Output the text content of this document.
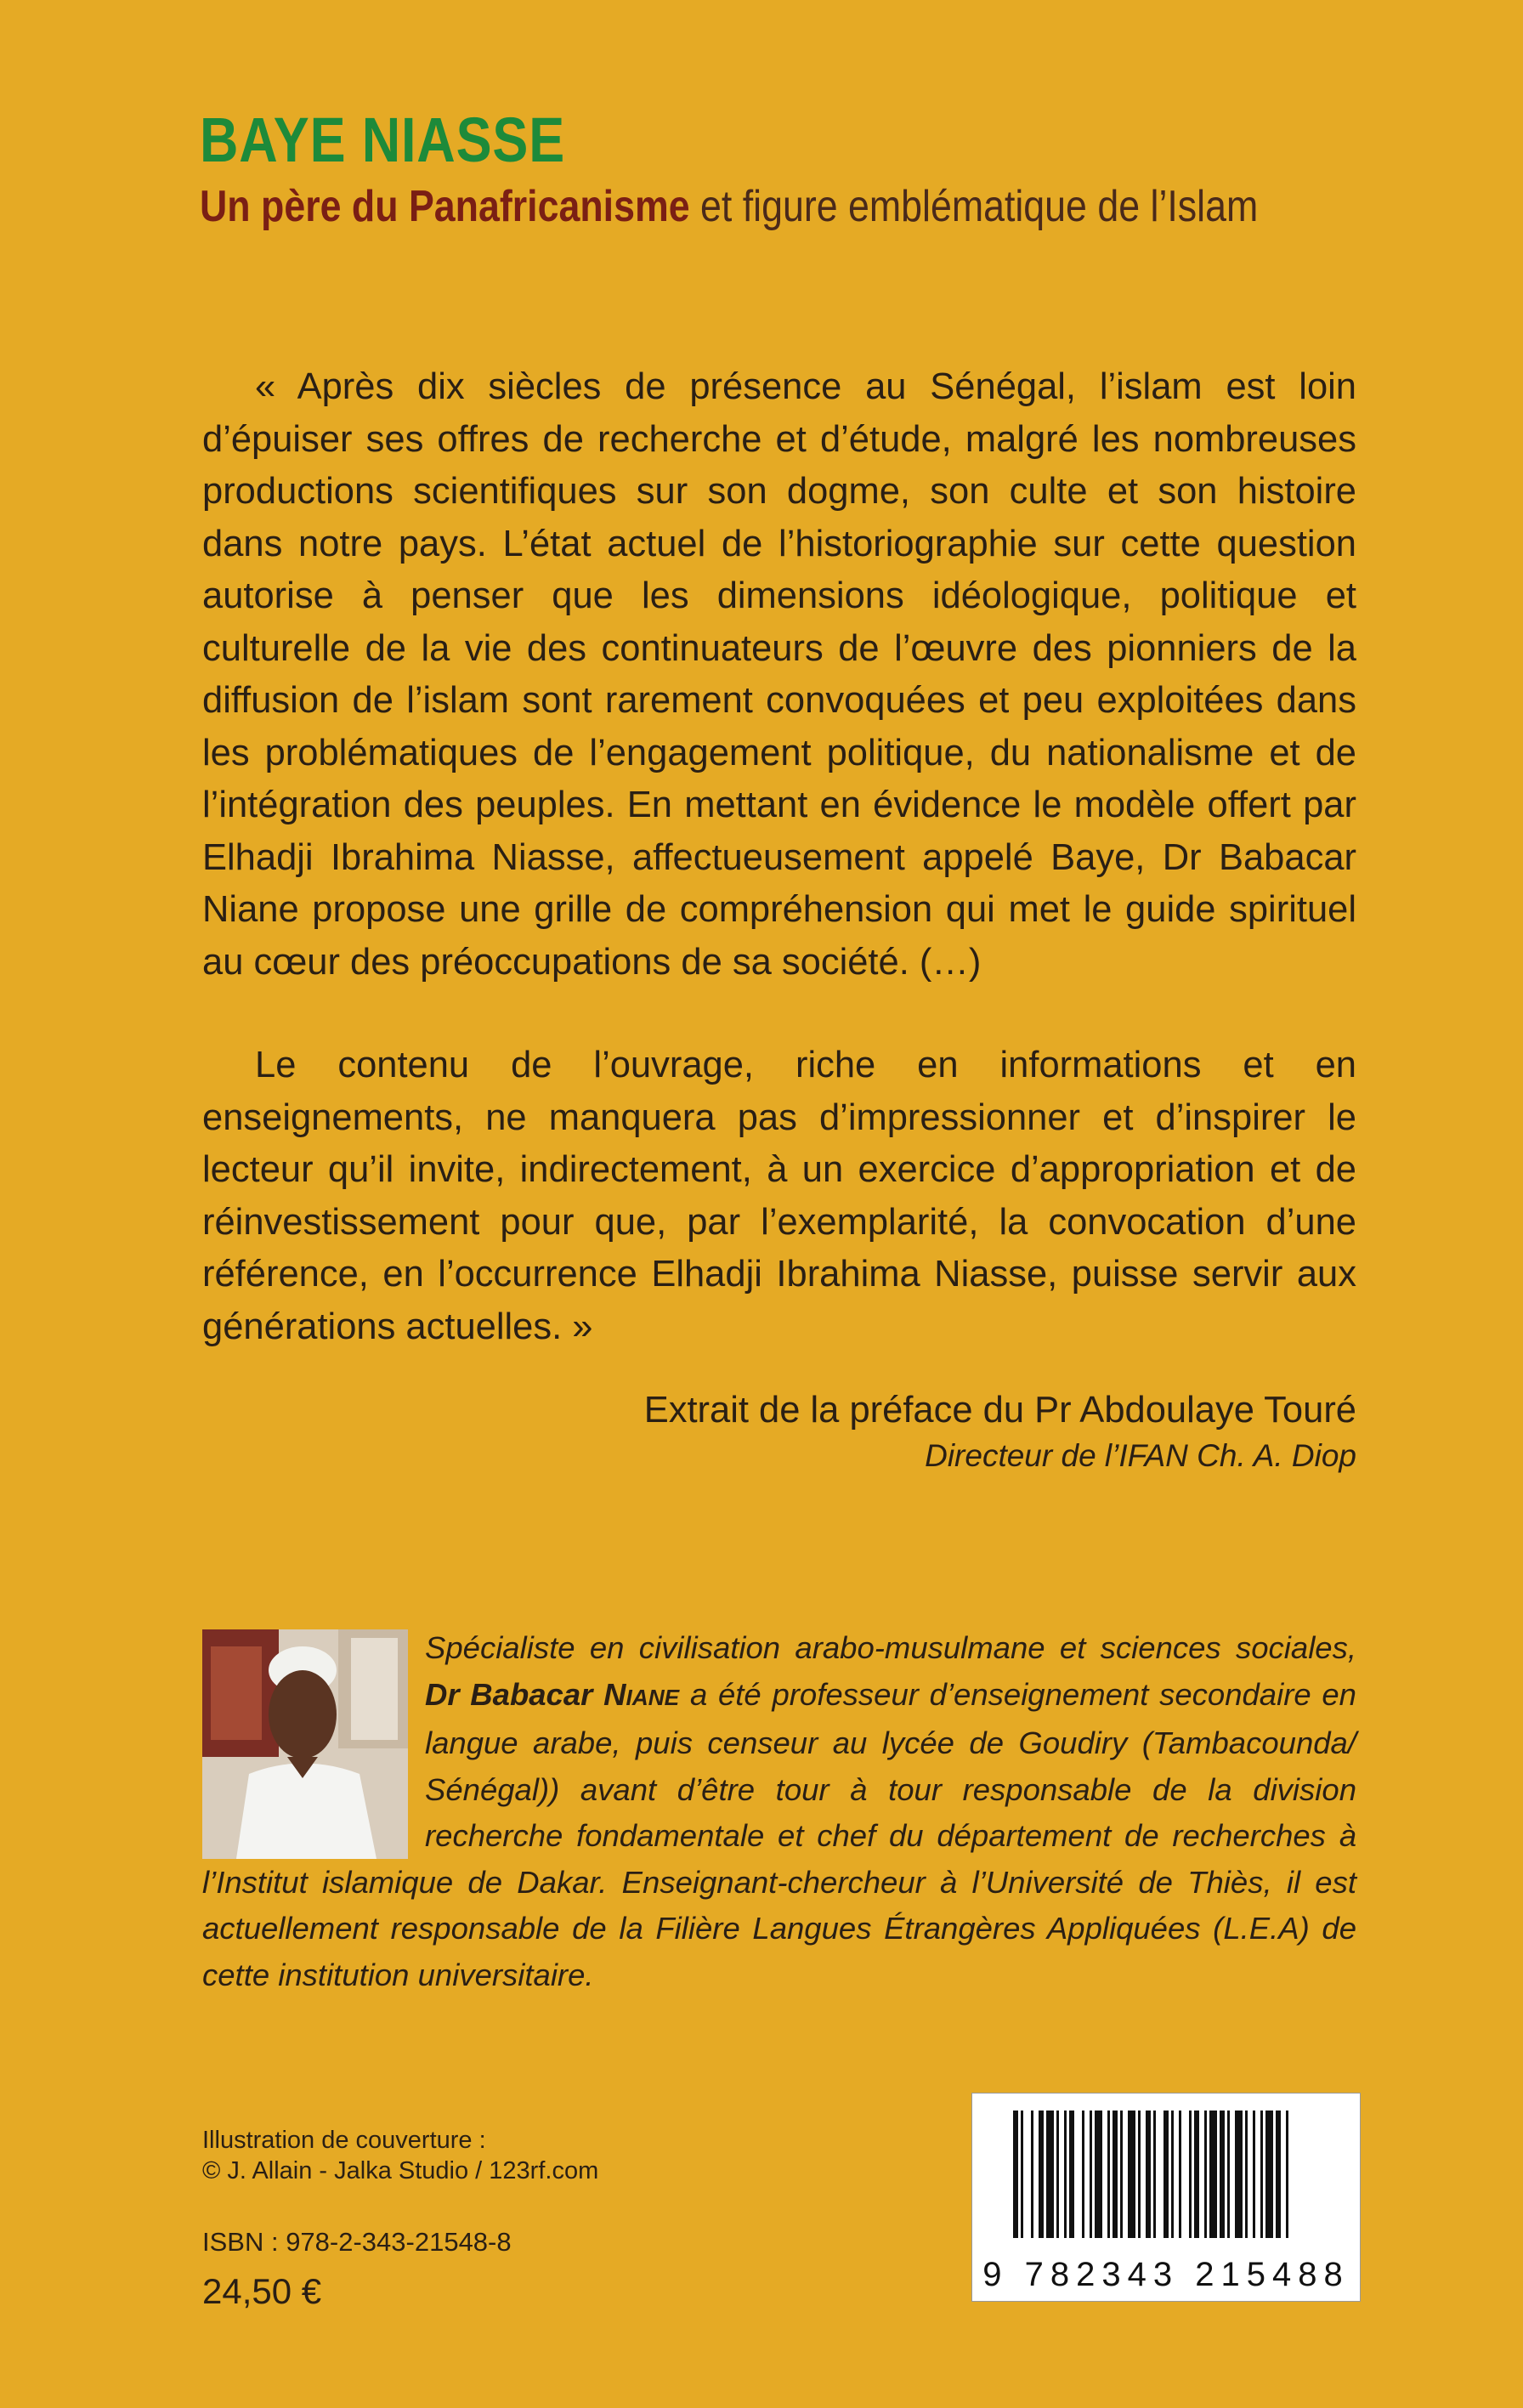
BAYE NIASSE
Un père du Panafricanisme et figure emblématique de l’Islam

« Après dix siècles de présence au Sénégal, l’islam est loin d’épuiser ses offres de recherche et d’étude, malgré les nombreuses productions scientifiques sur son dogme, son culte et son histoire dans notre pays. L’état actuel de l’historiographie sur cette question autorise à penser que les dimensions idéologique, politique et culturelle de la vie des continuateurs de l’œuvre des pionniers de la diffusion de l’islam sont rarement convoquées et peu exploitées dans les problématiques de l’engagement politique, du nationalisme et de l’intégration des peuples. En mettant en évidence le modèle offert par Elhadji Ibrahima Niasse, affectueusement appelé Baye, Dr Babacar Niane propose une grille de compréhension qui met le guide spirituel au cœur des préoccupations de sa société. (…)

Le contenu de l’ouvrage, riche en informations et en enseignements, ne manquera pas d’impressionner et d’inspirer le lecteur qu’il invite, indirectement, à un exercice d’appropriation et de réinvestissement pour que, par l’exemplarité, la convocation d’une référence, en l’occurrence Elhadji Ibrahima Niasse, puisse servir aux générations actuelles. »

Extrait de la préface du Pr Abdoulaye Touré
Directeur de l’IFAN Ch. A. Diop
Spécialiste en civilisation arabo-musulmane et sciences sociales, Dr Babacar NIANE a été professeur d’enseignement secondaire en langue arabe, puis censeur au lycée de Goudiry (Tambacounda/ Sénégal)) avant d’être tour à tour responsable de la division recherche fondamentale et chef du département de recherches à l’Institut islamique de Dakar. Enseignant-chercheur à l’Université de Thiès, il est actuellement responsable de la Filière Langues Étrangères Appliquées (L.E.A) de cette institution universitaire.
Illustration de couverture :
© J. Allain - Jalka Studio / 123rf.com
ISBN : 978-2-343-21548-8
24,50 €	9 782343 215488
